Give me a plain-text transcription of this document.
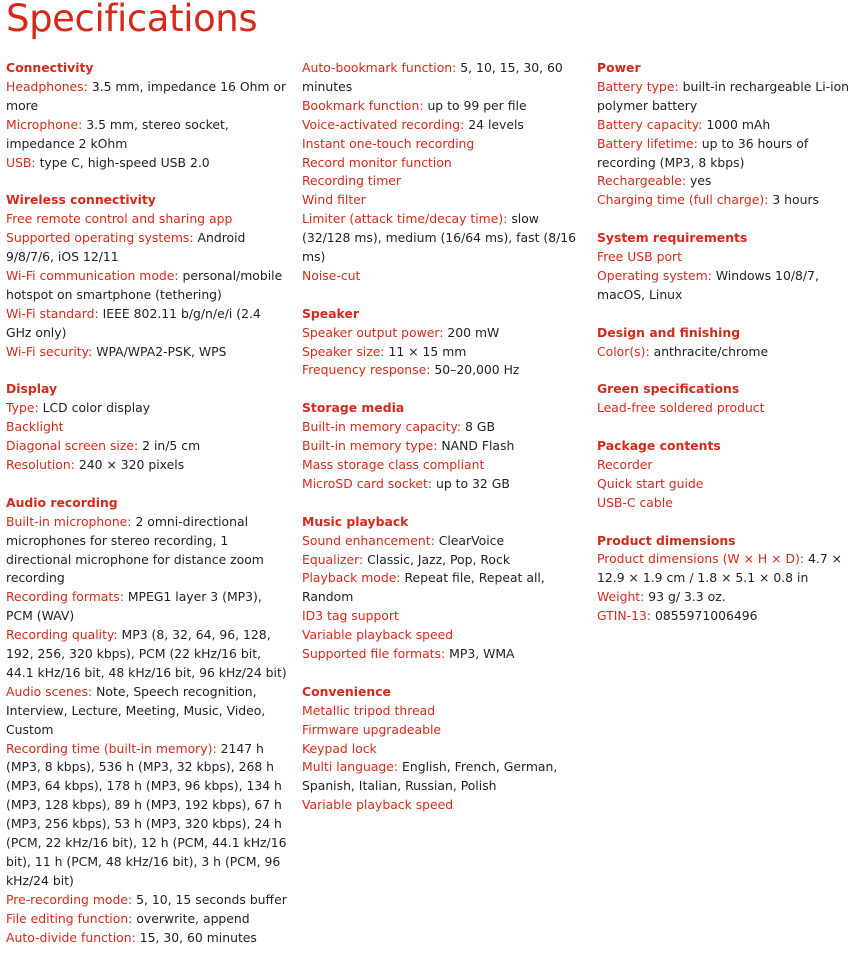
Specifications
Connectivity
Headphones: 3.5 mm, impedance 16 Ohm or more
Microphone: 3.5 mm, stereo socket, impedance 2 kOhm
USB: type C, high-speed USB 2.0
Wireless connectivity
Free remote control and sharing app
Supported operating systems: Android 9/8/7/6, iOS 12/11
Wi-Fi communication mode: personal/mobile hotspot on smartphone (tethering)
Wi-Fi standard: IEEE 802.11 b/g/n/e/i (2.4 GHz only)
Wi-Fi security: WPA/WPA2-PSK, WPS
Display
Type: LCD color display
Backlight
Diagonal screen size: 2 in/5 cm
Resolution: 240 × 320 pixels
Audio recording
Built-in microphone: 2 omni-directional microphones for stereo recording, 1 directional microphone for distance zoom recording
Recording formats: MPEG1 layer 3 (MP3), PCM (WAV)
Recording quality: MP3 (8, 32, 64, 96, 128, 192, 256, 320 kbps), PCM (22 kHz/16 bit, 44.1 kHz/16 bit, 48 kHz/16 bit, 96 kHz/24 bit)
Audio scenes: Note, Speech recognition, Interview, Lecture, Meeting, Music, Video, Custom
Recording time (built-in memory): 2147 h (MP3, 8 kbps), 536 h (MP3, 32 kbps), 268 h (MP3, 64 kbps), 178 h (MP3, 96 kbps), 134 h (MP3, 128 kbps), 89 h (MP3, 192 kbps), 67 h (MP3, 256 kbps), 53 h (MP3, 320 kbps), 24 h (PCM, 22 kHz/16 bit), 12 h (PCM, 44.1 kHz/16 bit), 11 h (PCM, 48 kHz/16 bit), 3 h (PCM, 96 kHz/24 bit)
Pre-recording mode: 5, 10, 15 seconds buffer
File editing function: overwrite, append
Auto-divide function: 15, 30, 60 minutes
Auto-bookmark function: 5, 10, 15, 30, 60 minutes
Bookmark function: up to 99 per file
Voice-activated recording: 24 levels
Instant one-touch recording
Record monitor function
Recording timer
Wind filter
Limiter (attack time/decay time): slow (32/128 ms), medium (16/64 ms), fast (8/16 ms)
Noise-cut
Speaker
Speaker output power: 200 mW
Speaker size: 11 × 15 mm
Frequency response: 50–20,000 Hz
Storage media
Built-in memory capacity: 8 GB
Built-in memory type: NAND Flash
Mass storage class compliant
MicroSD card socket: up to 32 GB
Music playback
Sound enhancement: ClearVoice
Equalizer: Classic, Jazz, Pop, Rock
Playback mode: Repeat file, Repeat all, Random
ID3 tag support
Variable playback speed
Supported file formats: MP3, WMA
Convenience
Metallic tripod thread
Firmware upgradeable
Keypad lock
Multi language: English, French, German, Spanish, Italian, Russian, Polish
Variable playback speed
Power
Battery type: built-in rechargeable Li-ion polymer battery
Battery capacity: 1000 mAh
Battery lifetime: up to 36 hours of recording (MP3, 8 kbps)
Rechargeable: yes
Charging time (full charge): 3 hours
System requirements
Free USB port
Operating system: Windows 10/8/7, macOS, Linux
Design and finishing
Color(s): anthracite/chrome
Green specifications
Lead-free soldered product
Package contents
Recorder
Quick start guide
USB-C cable
Product dimensions
Product dimensions (W × H × D): 4.7 × 12.9 × 1.9 cm / 1.8 × 5.1 × 0.8 in
Weight: 93 g/ 3.3 oz.
GTIN-13: 0855971006496
